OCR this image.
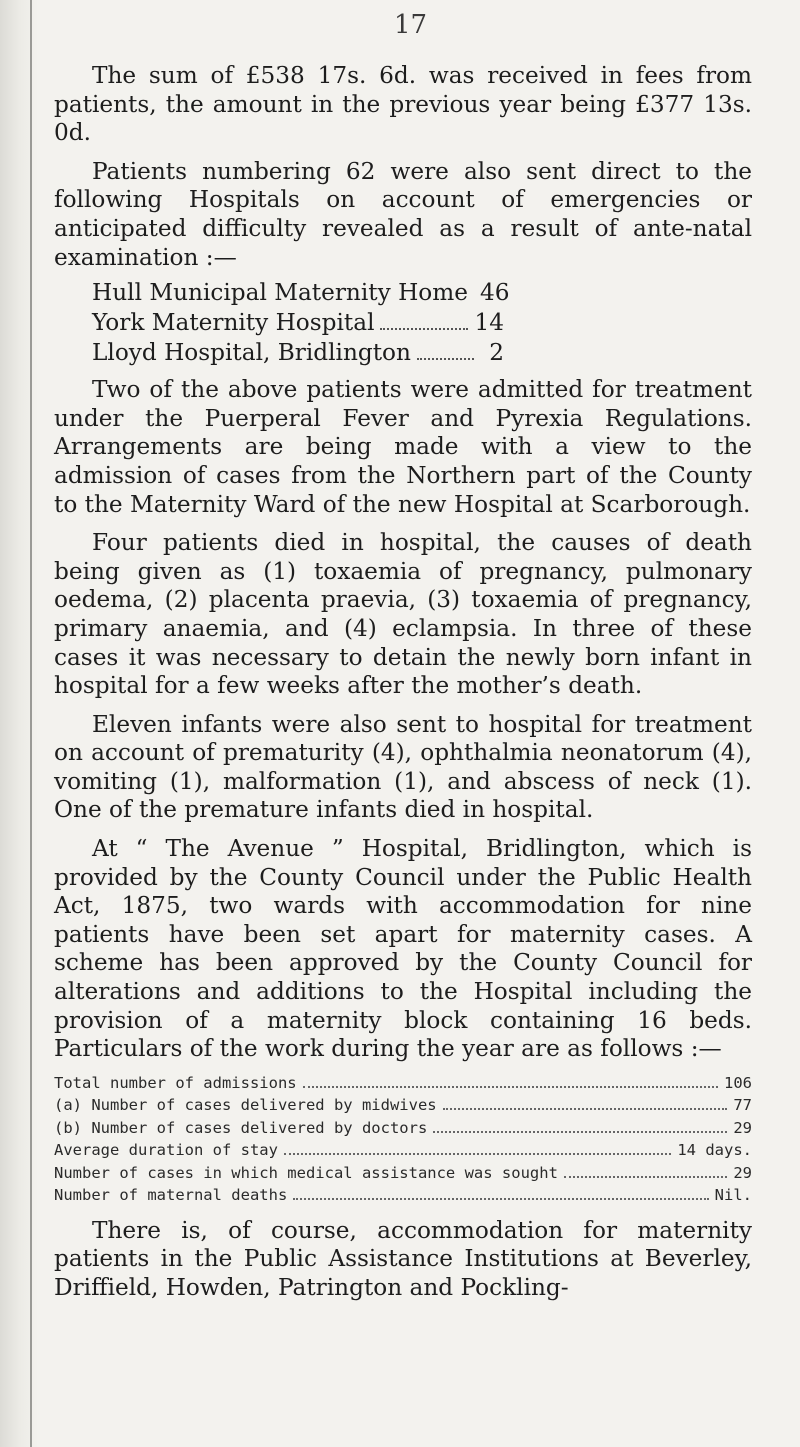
17

The sum of £538 17s. 6d. was received in fees from patients, the amount in the previous year being £377 13s. 0d.

Patients numbering 62 were also sent direct to the following Hospitals on account of emergencies or anticipated difficulty revealed as a result of ante-natal examination :—

Hull Municipal Maternity Home 46
York Maternity Hospital	14
Lloyd Hospital, Bridlington	2

Two of the above patients were admitted for treatment under the Puerperal Fever and Pyrexia Regulations. Arrangements are being made with a view to the admission of cases from the Northern part of the County to the Maternity Ward of the new Hospital at Scarborough.

Four patients died in hospital, the causes of death being given as (1) toxaemia of pregnancy, pulmonary oedema, (2) placenta praevia, (3) toxaemia of pregnancy, primary anaemia, and (4) eclampsia. In three of these cases it was necessary to detain the newly born infant in hospital for a few weeks after the mother’s death.

Eleven infants were also sent to hospital for treatment on account of prematurity (4), ophthalmia neonatorum (4), vomiting (1), malformation (1), and abscess of neck (1). One of the premature infants died in hospital.

At “ The Avenue ” Hospital, Bridlington, which is provided by the County Council under the Public Health Act, 1875, two wards with accommodation for nine patients have been set apart for maternity cases. A scheme has been approved by the County Council for alterations and additions to the Hospital including the provision of a maternity block containing 16 beds. Particulars of the work during the year are as follows :—

Total number of admissions	106
(a) Number of cases delivered by midwives	77
(b) Number of cases delivered by doctors	29
Average duration of stay	14 days.
Number of cases in which medical assistance was sought	29
Number of maternal deaths	Nil.

There is, of course, accommodation for maternity patients in the Public Assistance Institutions at Beverley, Driffield, Howden, Patrington and Pockling-
